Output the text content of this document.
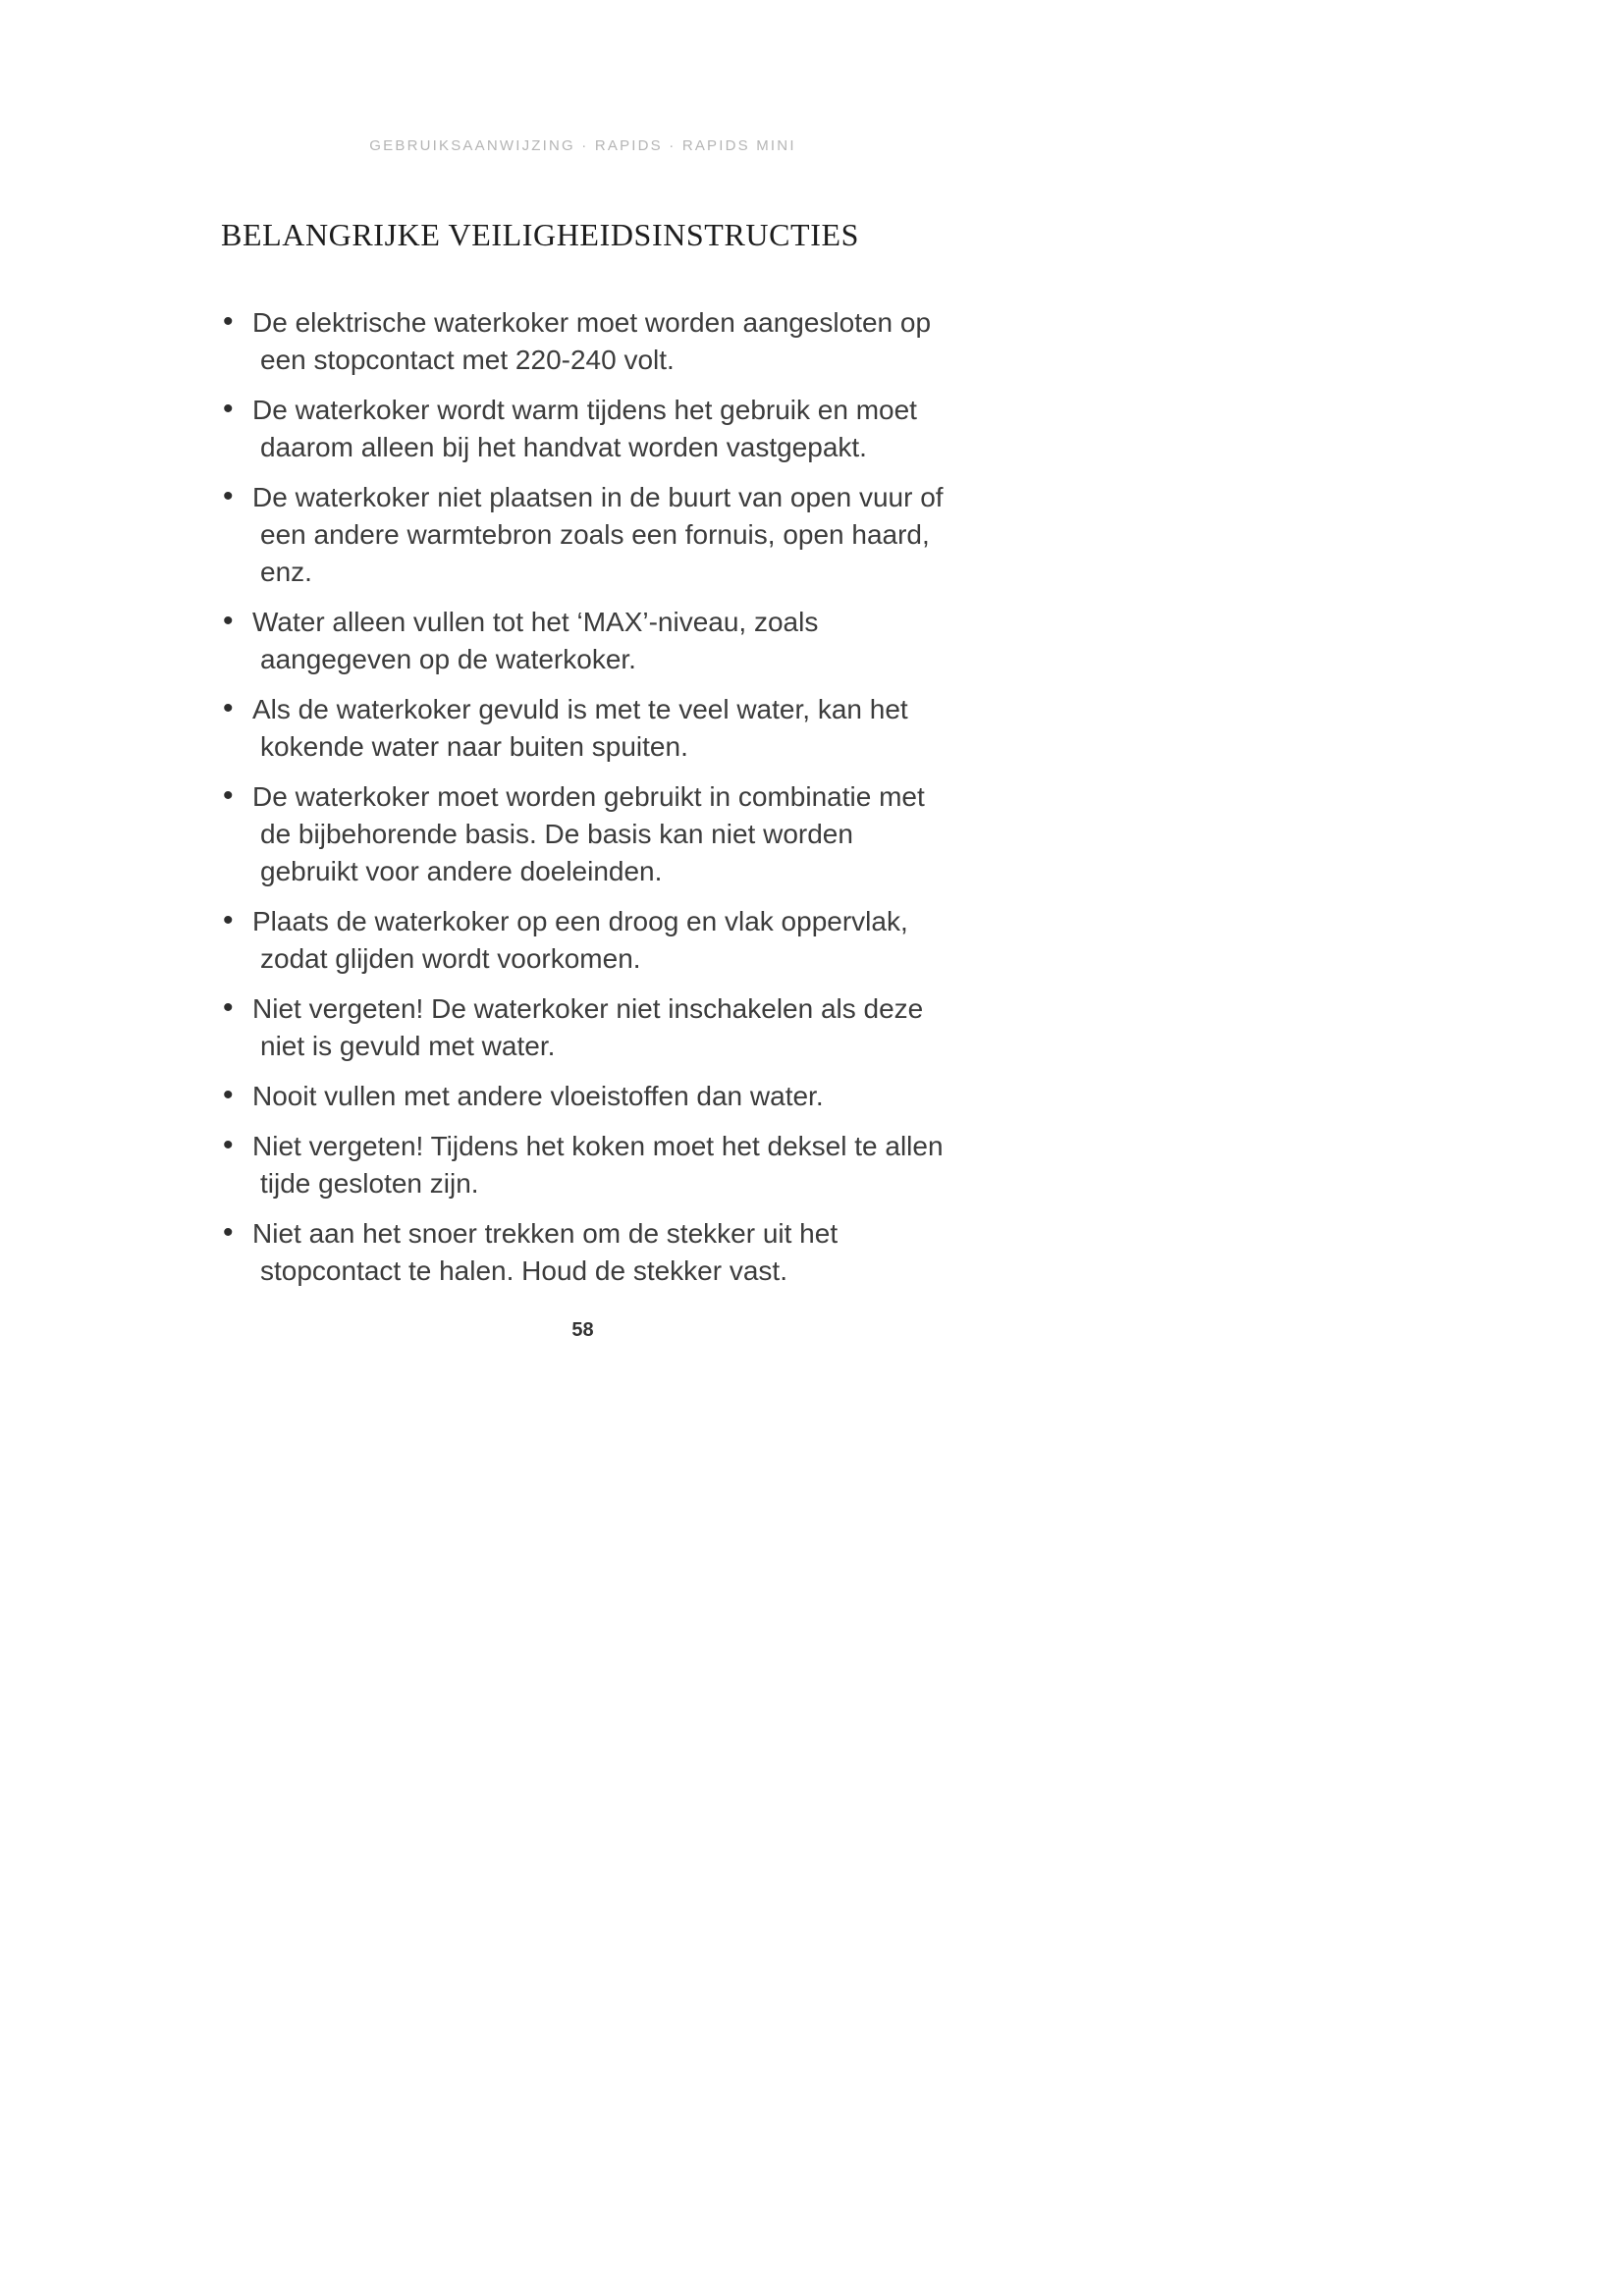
GEBRUIKSAANWIJZING · RAPIDS · RAPIDS MINI
BELANGRIJKE VEILIGHEIDSINSTRUCTIES
• De elektrische waterkoker moet worden aangesloten op een stopcontact met 220-240 volt.
• De waterkoker wordt warm tijdens het gebruik en moet daarom alleen bij het handvat worden vastgepakt.
• De waterkoker niet plaatsen in de buurt van open vuur of een andere warmtebron zoals een fornuis, open haard, enz.
• Water alleen vullen tot het ‘MAX’-niveau, zoals aangegeven op de waterkoker.
• Als de waterkoker gevuld is met te veel water, kan het kokende water naar buiten spuiten.
• De waterkoker moet worden gebruikt in combinatie met de bijbehorende basis. De basis kan niet worden gebruikt voor andere doeleinden.
• Plaats de waterkoker op een droog en vlak oppervlak, zodat glijden wordt voorkomen.
• Niet vergeten! De waterkoker niet inschakelen als deze niet is gevuld met water.
• Nooit vullen met andere vloeistoffen dan water.
• Niet vergeten! Tijdens het koken moet het deksel te allen tijde gesloten zijn.
• Niet aan het snoer trekken om de stekker uit het stopcontact te halen. Houd de stekker vast.
58
